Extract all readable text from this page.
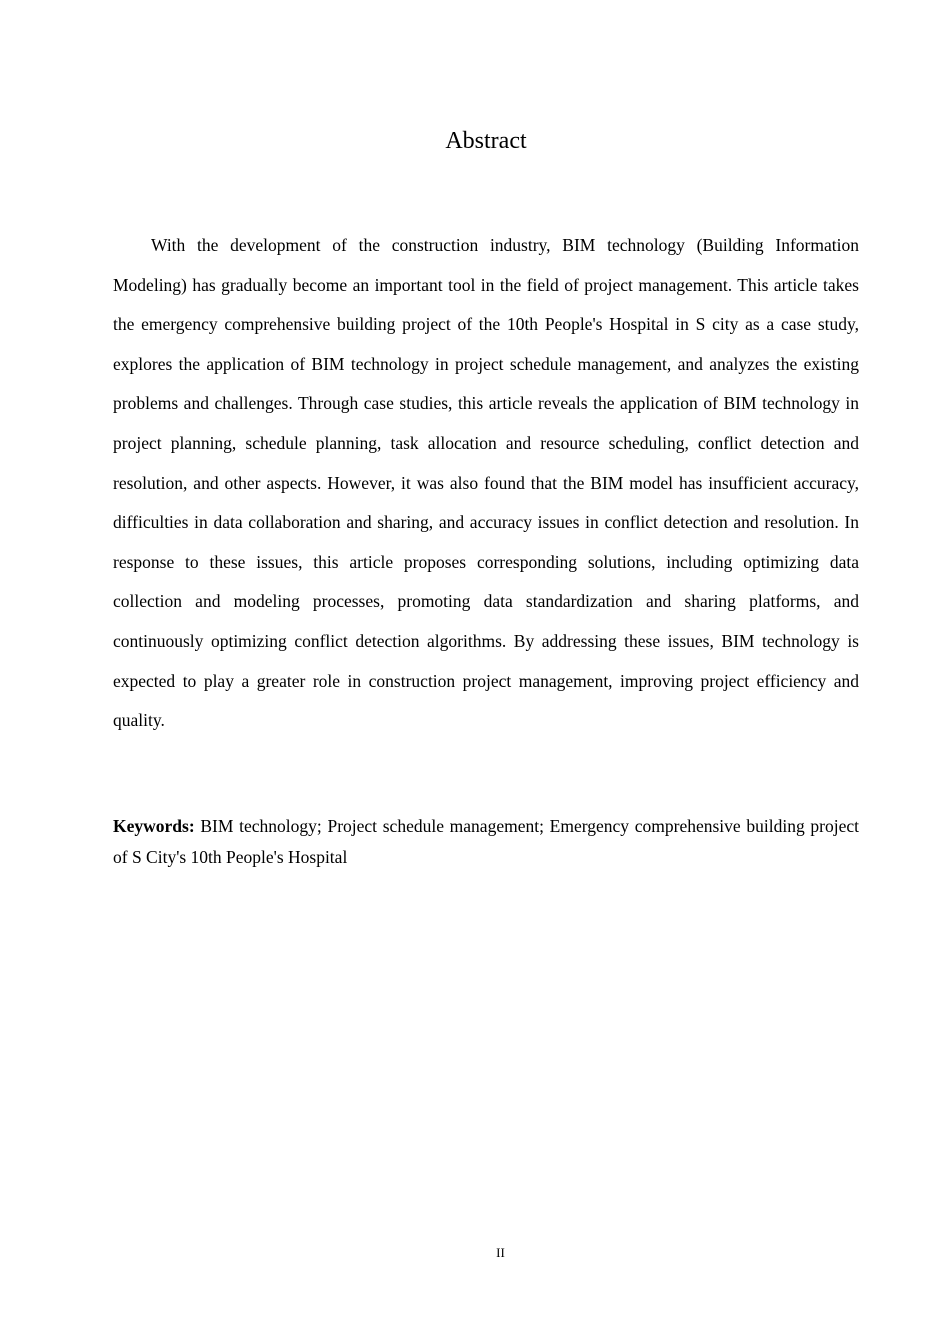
Abstract

With the development of the construction industry, BIM technology (Building Information Modeling) has gradually become an important tool in the field of project management. This article takes the emergency comprehensive building project of the 10th People's Hospital in S city as a case study, explores the application of BIM technology in project schedule management, and analyzes the existing problems and challenges. Through case studies, this article reveals the application of BIM technology in project planning, schedule planning, task allocation and resource scheduling, conflict detection and resolution, and other aspects. However, it was also found that the BIM model has insufficient accuracy, difficulties in data collaboration and sharing, and accuracy issues in conflict detection and resolution. In response to these issues, this article proposes corresponding solutions, including optimizing data collection and modeling processes, promoting data standardization and sharing platforms, and continuously optimizing conflict detection algorithms. By addressing these issues, BIM technology is expected to play a greater role in construction project management, improving project efficiency and quality.

Keywords: BIM technology; Project schedule management; Emergency comprehensive building project of S City's 10th People's Hospital

II
